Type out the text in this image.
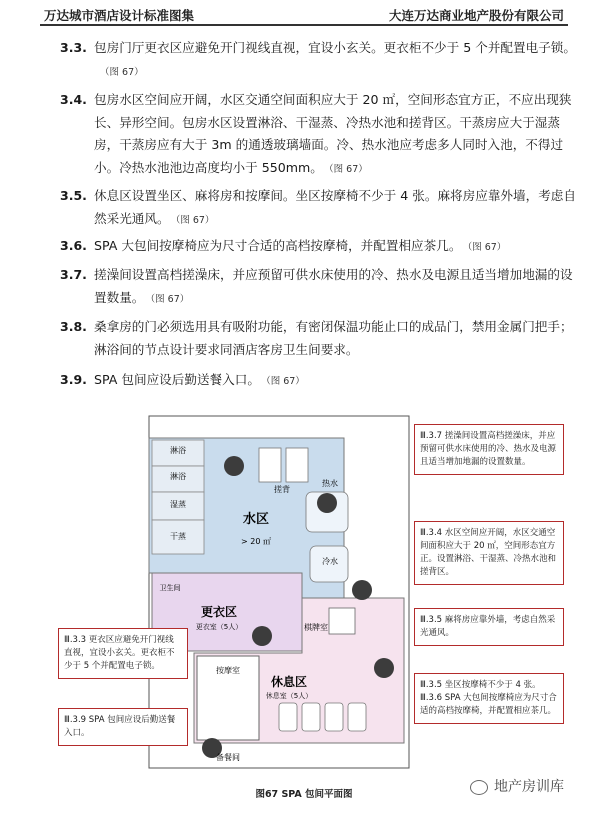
万达城市酒店设计标准图集	大连万达商业地产股份有限公司
3.3. 包房门厅更衣区应避免开门视线直视，宜设小玄关。更衣柜不少于 5 个并配置电子锁。（图 67）
3.4. 包房水区空间应开阔，水区交通空间面积应大于 20 ㎡，空间形态宜方正，不应出现狭长、异形空间。包房水区设置淋浴、干湿蒸、冷热水池和搓背区。干蒸房应大于湿蒸房，干蒸房应有大于 3m 的通透玻璃墙面。冷、热水池应考虑多人同时入池，不得过小。冷热水池池边高度均小于 550mm。 （图 67）
3.5. 休息区设置坐区、麻将房和按摩间。坐区按摩椅不少于 4 张。麻将房应靠外墙，考虑自然采光通风。 （图 67）
3.6. SPA 大包间按摩椅应为尺寸合适的高档按摩椅，并配置相应茶几。 （图 67）
3.7. 搓澡间设置高档搓澡床，并应预留可供水床使用的冷、热水及电源且适当增加地漏的设置数量。 （图 67）
3.8. 桑拿房的门必须选用具有吸附功能，有密闭保温功能止口的成品门，禁用金属门把手；淋浴间的节点设计要求同酒店客房卫生间要求。
3.9. SPA 包间应设后勤送餐入口。 （图 67）
淋浴
淋浴
湿蒸
干蒸
搓背
水区
> 20 ㎡
热水
冷水
卫生间
更衣区
更衣室（5人）	棋牌室
按摩室
休息区
休息室（5人）
备餐间
Ⅲ.3.7 搓澡间设置高档搓澡床，并应预留可供水床使用的冷、热水及电源且适当增加地漏的设置数量。
Ⅲ.3.4 水区空间应开阔，水区交通空间面积应大于 20 ㎡，空间形态宜方正。设置淋浴、干湿蒸、冷热水池和搓背区。
Ⅲ.3.5 麻将房应靠外墙，考虑自然采光通风。
Ⅲ.3.3 更衣区应避免开门视线直视，宜设小玄关。更衣柜不少于 5 个并配置电子锁。
Ⅲ.3.5 坐区按摩椅不少于 4 张。Ⅲ.3.6 SPA 大包间按摩椅应为尺寸合适的高档按摩椅，并配置相应茶几。
Ⅲ.3.9 SPA 包间应设后勤送餐入口。
图67 SPA 包间平面图	地产房训库
